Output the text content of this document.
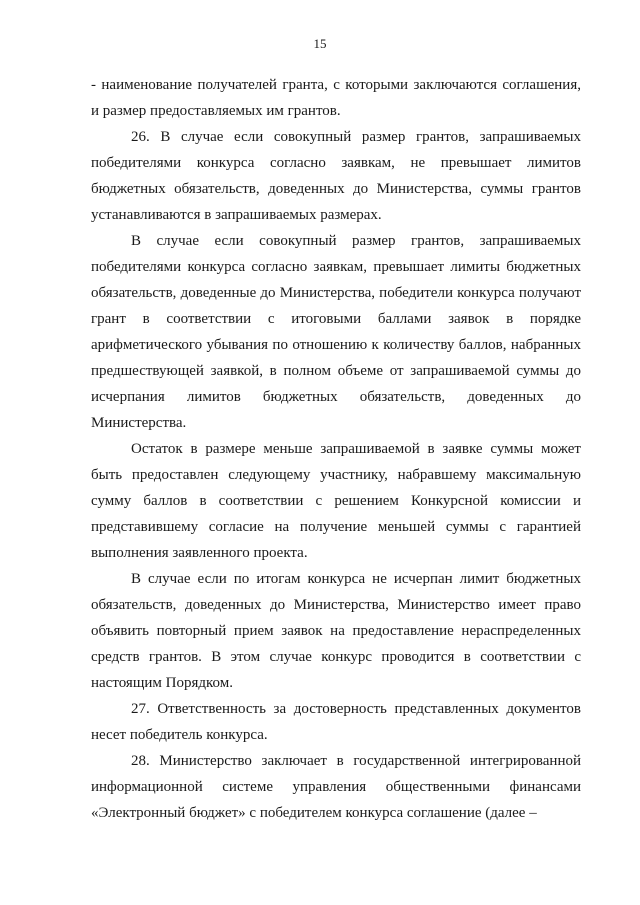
15

- наименование получателей гранта, с которыми заключаются соглашения, и размер предоставляемых им грантов.

26. В случае если совокупный размер грантов, запрашиваемых победителями конкурса согласно заявкам, не превышает лимитов бюджетных обязательств, доведенных до Министерства, суммы грантов устанавливаются в запрашиваемых размерах.

В случае если совокупный размер грантов, запрашиваемых победителями конкурса согласно заявкам, превышает лимиты бюджетных обязательств, доведенные до Министерства, победители конкурса получают грант в соответствии с итоговыми баллами заявок в порядке арифметического убывания по отношению к количеству баллов, набранных предшествующей заявкой, в полном объеме от запрашиваемой суммы до исчерпания лимитов бюджетных обязательств, доведенных до Министерства.

Остаток в размере меньше запрашиваемой в заявке суммы может быть предоставлен следующему участнику, набравшему максимальную сумму баллов в соответствии с решением Конкурсной комиссии и представившему согласие на получение меньшей суммы с гарантией выполнения заявленного проекта.

В случае если по итогам конкурса не исчерпан лимит бюджетных обязательств, доведенных до Министерства, Министерство имеет право объявить повторный прием заявок на предоставление нераспределенных средств грантов. В этом случае конкурс проводится в соответствии с настоящим Порядком.

27. Ответственность за достоверность представленных документов несет победитель конкурса.

28. Министерство заключает в государственной интегрированной информационной системе управления общественными финансами «Электронный бюджет» с победителем конкурса соглашение (далее –
